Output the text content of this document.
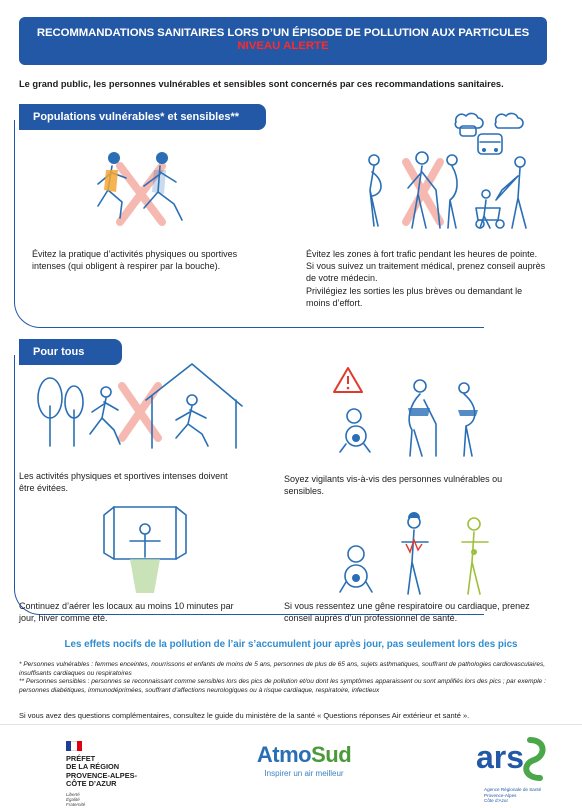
RECOMMANDATIONS SANITAIRES LORS D’UN ÉPISODE DE POLLUTION AUX PARTICULES
NIVEAU ALERTE
Le grand public, les personnes vulnérables et sensibles sont concernés par ces recommandations sanitaires.
Populations vulnérables* et sensibles**
Évitez la pratique d’activités physiques ou sportives intenses (qui obligent à respirer par la bouche).
Évitez les zones à fort trafic pendant les heures de pointe.
Si vous suivez un traitement médical, prenez conseil auprès de votre médecin.
Privilégiez les sorties les plus brèves ou demandant le moins d’effort.
Pour tous
Les activités physiques et sportives intenses doivent être évitées.
Soyez vigilants vis-à-vis des personnes vulnérables ou sensibles.
Continuez d’aérer les locaux au moins 10 minutes par jour, hiver comme été.
Si vous ressentez une gêne respiratoire ou cardiaque, prenez conseil auprès d’un professionnel de santé.
Les effets nocifs de la pollution de l’air s’accumulent jour après jour, pas seulement lors des pics
* Personnes vulnérables : femmes enceintes, nourrissons et enfants de moins de 5 ans, personnes de plus de 65 ans, sujets asthmatiques, souffrant de pathologies cardiovasculaires, insuffisants cardiaques ou respiratoires
** Personnes sensibles : personnes se reconnaissant comme sensibles lors des pics de pollution et/ou dont les symptômes apparaissent ou sont amplifiés lors des pics ; par exemple : personnes diabétiques, immunodéprimées, souffrant d’affections neurologiques ou à risque cardiaque, respiratoire, infectieux
Si vous avez des questions complémentaires, consultez le guide du ministère de la santé « Questions réponses Air extérieur et santé ».
PRÉFET
DE LA RÉGION
PROVENCE-ALPES-
CÔTE D’AZUR
Liberté
Égalité
Fraternité
AtmoSud
Inspirer un air meilleur	ars
Agence Régionale de Santé
Provence-Alpes
Côte d’Azur
